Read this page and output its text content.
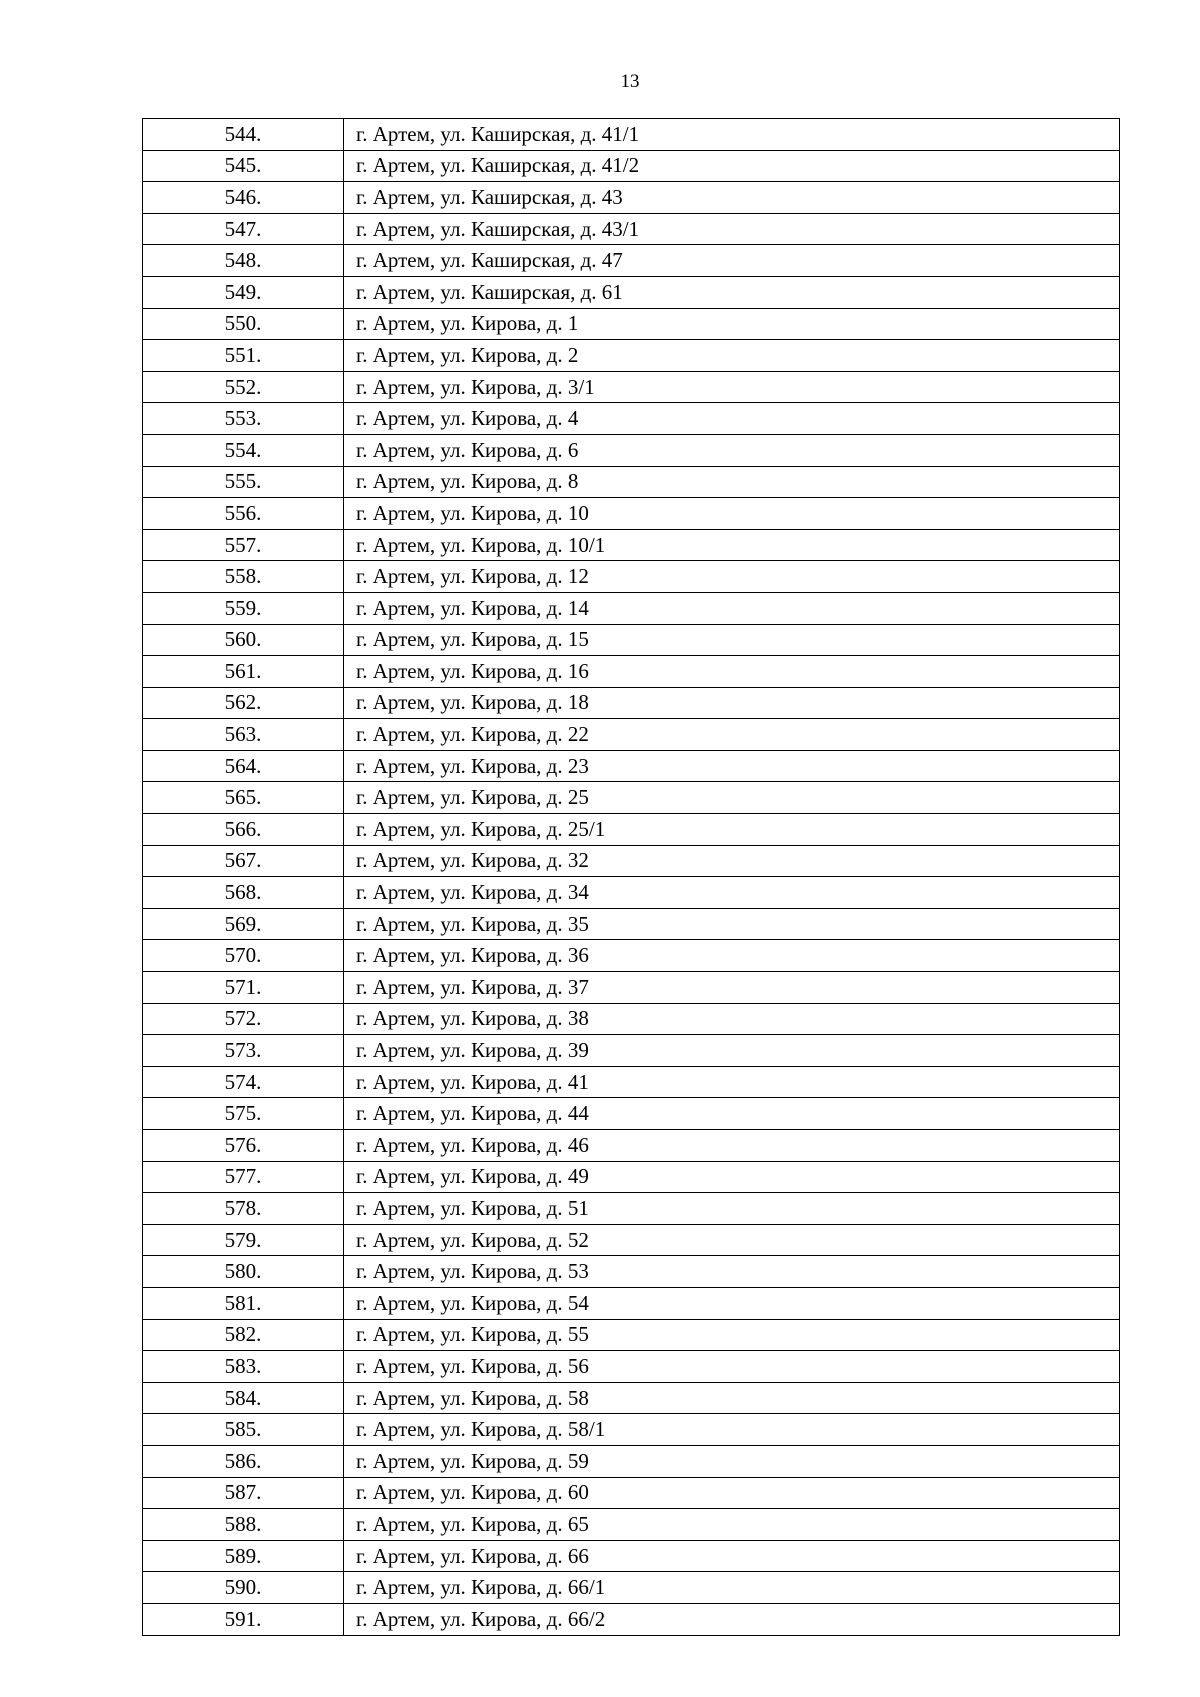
13
544.	г. Артем, ул. Каширская, д. 41/1
545.	г. Артем, ул. Каширская, д. 41/2
546.	г. Артем, ул. Каширская, д. 43
547.	г. Артем, ул. Каширская, д. 43/1
548.	г. Артем, ул. Каширская, д. 47
549.	г. Артем, ул. Каширская, д. 61
550.	г. Артем, ул. Кирова, д. 1
551.	г. Артем, ул. Кирова, д. 2
552.	г. Артем, ул. Кирова, д. 3/1
553.	г. Артем, ул. Кирова, д. 4
554.	г. Артем, ул. Кирова, д. 6
555.	г. Артем, ул. Кирова, д. 8
556.	г. Артем, ул. Кирова, д. 10
557.	г. Артем, ул. Кирова, д. 10/1
558.	г. Артем, ул. Кирова, д. 12
559.	г. Артем, ул. Кирова, д. 14
560.	г. Артем, ул. Кирова, д. 15
561.	г. Артем, ул. Кирова, д. 16
562.	г. Артем, ул. Кирова, д. 18
563.	г. Артем, ул. Кирова, д. 22
564.	г. Артем, ул. Кирова, д. 23
565.	г. Артем, ул. Кирова, д. 25
566.	г. Артем, ул. Кирова, д. 25/1
567.	г. Артем, ул. Кирова, д. 32
568.	г. Артем, ул. Кирова, д. 34
569.	г. Артем, ул. Кирова, д. 35
570.	г. Артем, ул. Кирова, д. 36
571.	г. Артем, ул. Кирова, д. 37
572.	г. Артем, ул. Кирова, д. 38
573.	г. Артем, ул. Кирова, д. 39
574.	г. Артем, ул. Кирова, д. 41
575.	г. Артем, ул. Кирова, д. 44
576.	г. Артем, ул. Кирова, д. 46
577.	г. Артем, ул. Кирова, д. 49
578.	г. Артем, ул. Кирова, д. 51
579.	г. Артем, ул. Кирова, д. 52
580.	г. Артем, ул. Кирова, д. 53
581.	г. Артем, ул. Кирова, д. 54
582.	г. Артем, ул. Кирова, д. 55
583.	г. Артем, ул. Кирова, д. 56
584.	г. Артем, ул. Кирова, д. 58
585.	г. Артем, ул. Кирова, д. 58/1
586.	г. Артем, ул. Кирова, д. 59
587.	г. Артем, ул. Кирова, д. 60
588.	г. Артем, ул. Кирова, д. 65
589.	г. Артем, ул. Кирова, д. 66
590.	г. Артем, ул. Кирова, д. 66/1
591.	г. Артем, ул. Кирова, д. 66/2
